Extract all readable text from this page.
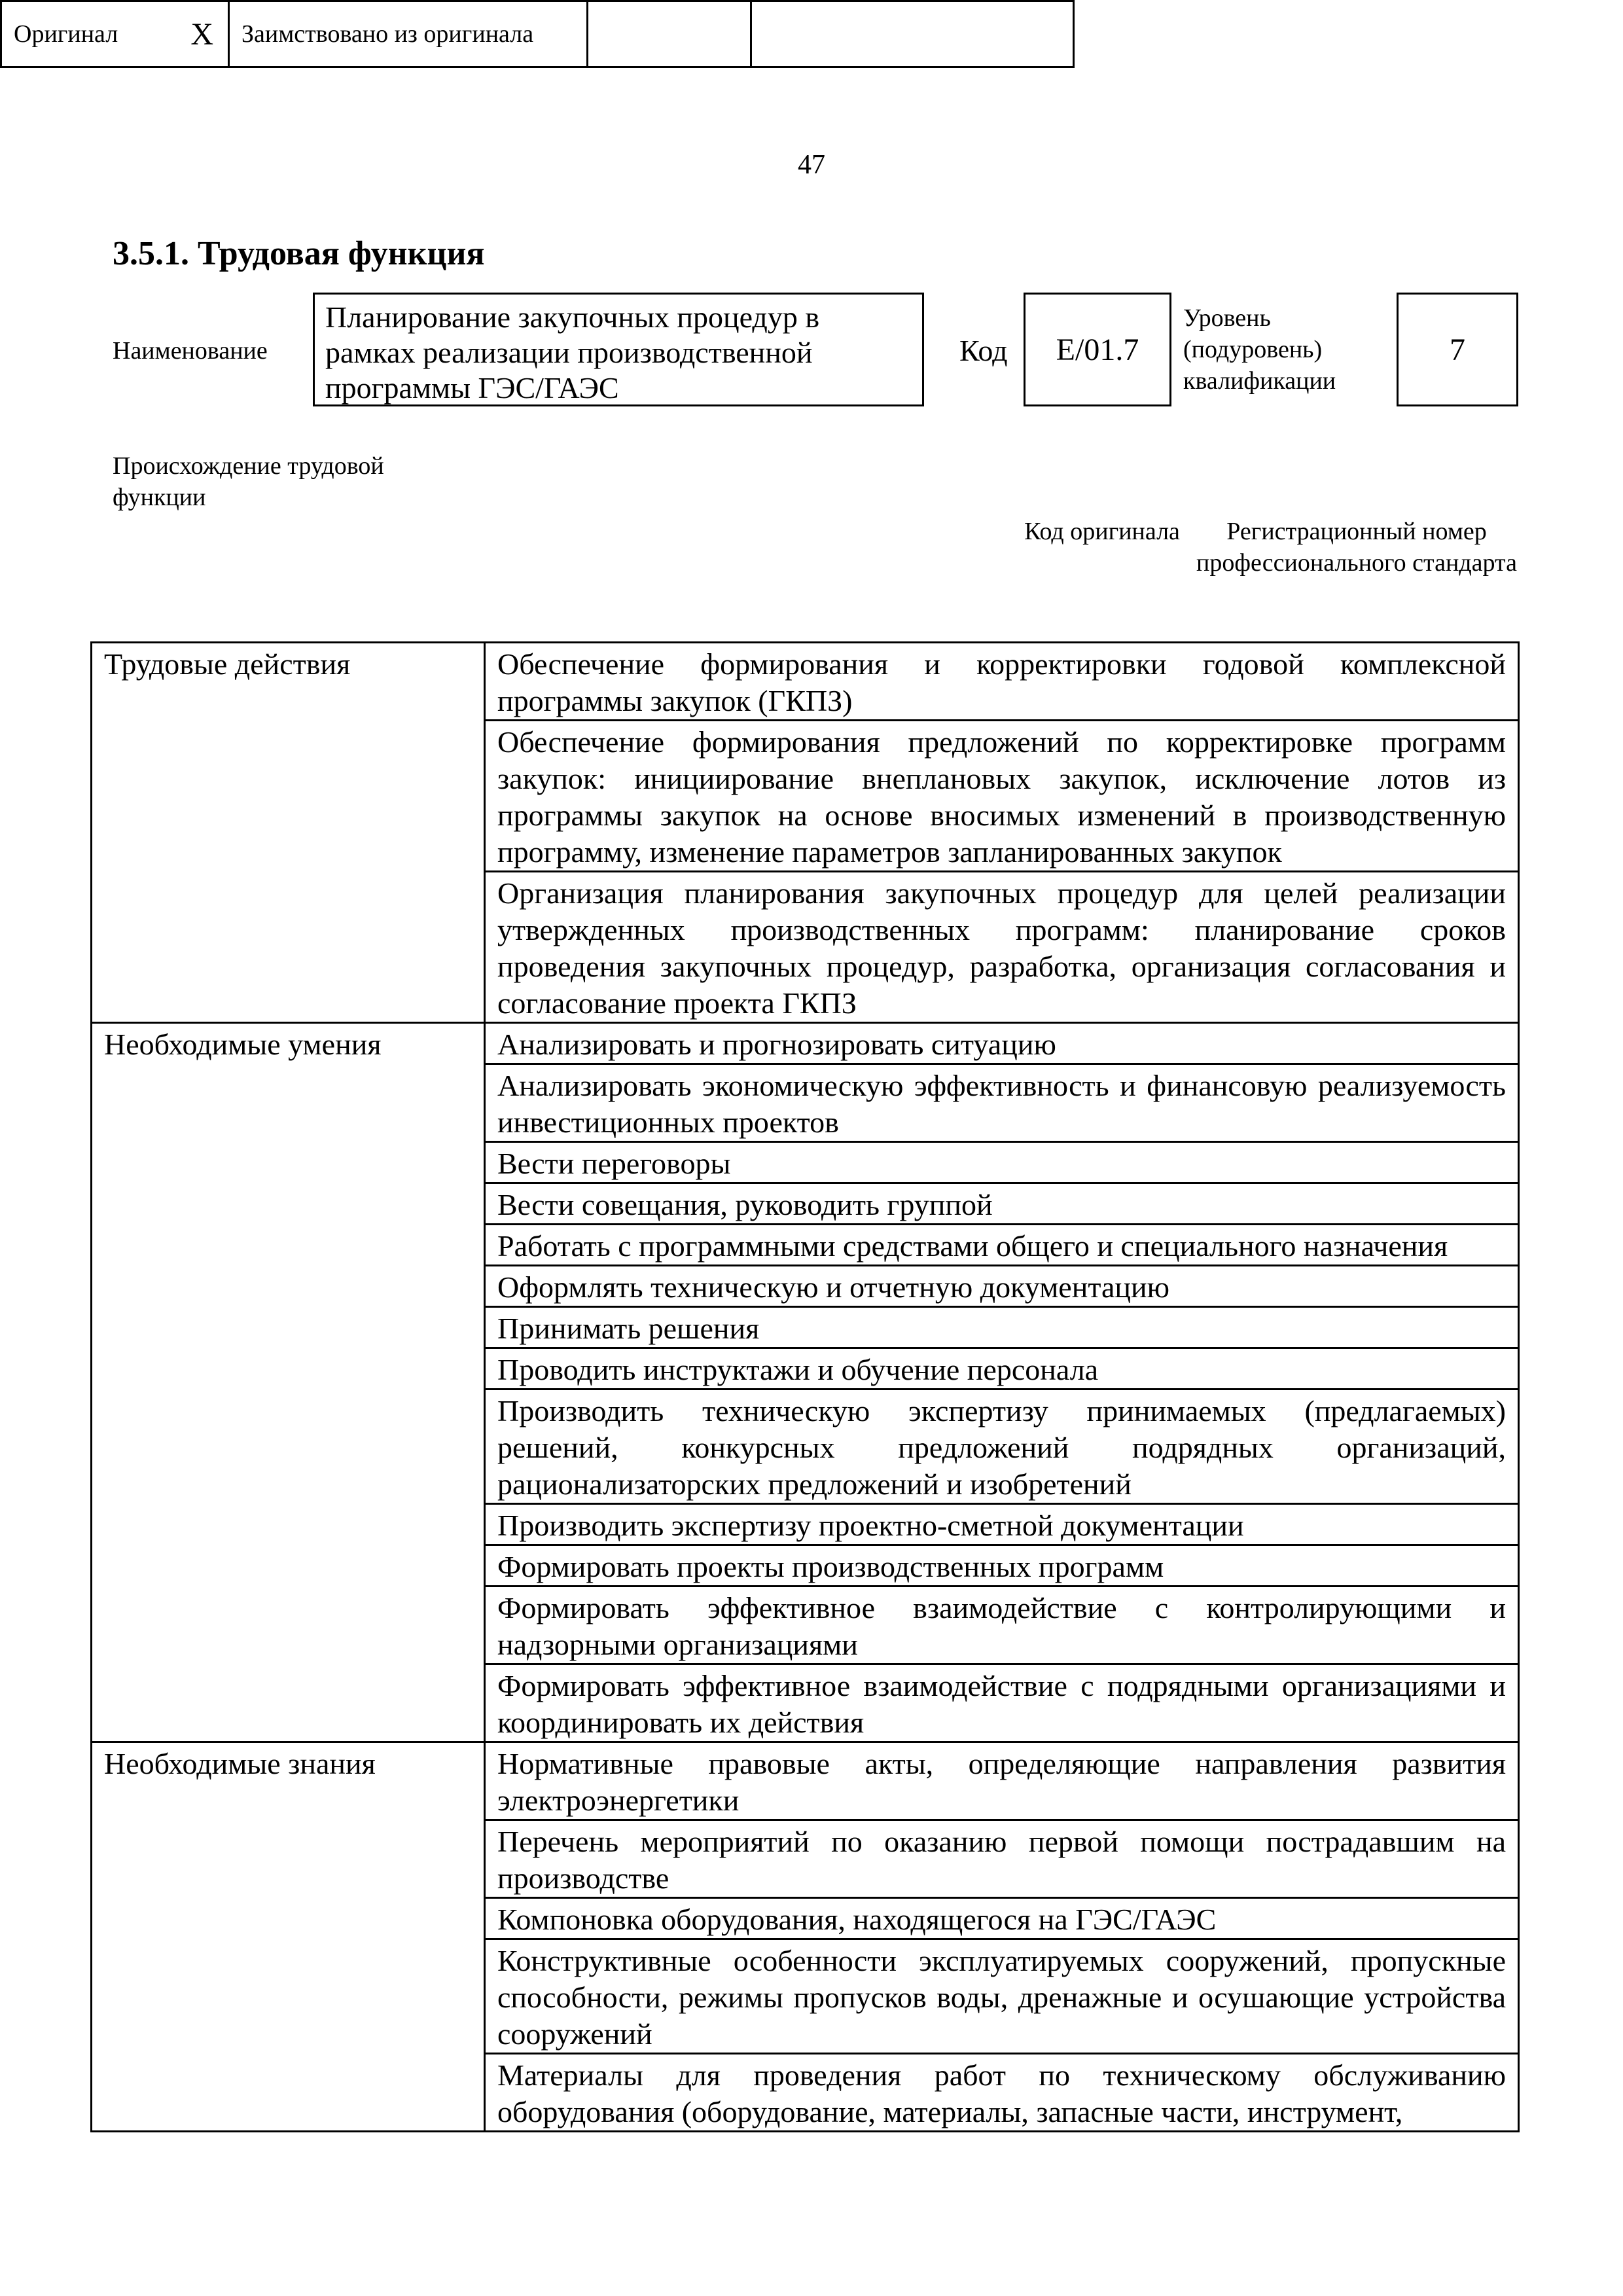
47
3.5.1. Трудовая функция
Наименование
Планирование закупочных процедур в рамках реализации производственной программы ГЭС/ГАЭС
Код	E/01.7
Уровень (подуровень) квалификации
7
Происхождение трудовой функции
Оригинал X Заимствовано из оригинала
Код оригинала	Регистрационный номер профессионального стандарта
Трудовые действия	Обеспечение формирования и корректировки годовой комплексной программы закупок (ГКПЗ)
	Обеспечение формирования предложений по корректировке программ закупок: инициирование внеплановых закупок, исключение лотов из программы закупок на основе вносимых изменений в производственную программу, изменение параметров запланированных закупок
	Организация планирования закупочных процедур для целей реализации утвержденных производственных программ: планирование сроков проведения закупочных процедур, разработка, организация согласования и согласование проекта ГКПЗ
Необходимые умения	Анализировать и прогнозировать ситуацию
	Анализировать экономическую эффективность и финансовую реализуемость инвестиционных проектов
	Вести переговоры
	Вести совещания, руководить группой
	Работать с программными средствами общего и специального назначения
	Оформлять техническую и отчетную документацию
	Принимать решения
	Проводить инструктажи и обучение персонала
	Производить техническую экспертизу принимаемых (предлагаемых) решений, конкурсных предложений подрядных организаций, рационализаторских предложений и изобретений
	Производить экспертизу проектно-сметной документации
	Формировать проекты производственных программ
	Формировать эффективное взаимодействие с контролирующими и надзорными организациями
	Формировать эффективное взаимодействие с подрядными организациями и координировать их действия
Необходимые знания	Нормативные правовые акты, определяющие направления развития электроэнергетики
	Перечень мероприятий по оказанию первой помощи пострадавшим на производстве
	Компоновка оборудования, находящегося на ГЭС/ГАЭС
	Конструктивные особенности эксплуатируемых сооружений, пропускные способности, режимы пропусков воды, дренажные и осушающие устройства сооружений
	Материалы для проведения работ по техническому обслуживанию оборудования (оборудование, материалы, запасные части, инструмент,
